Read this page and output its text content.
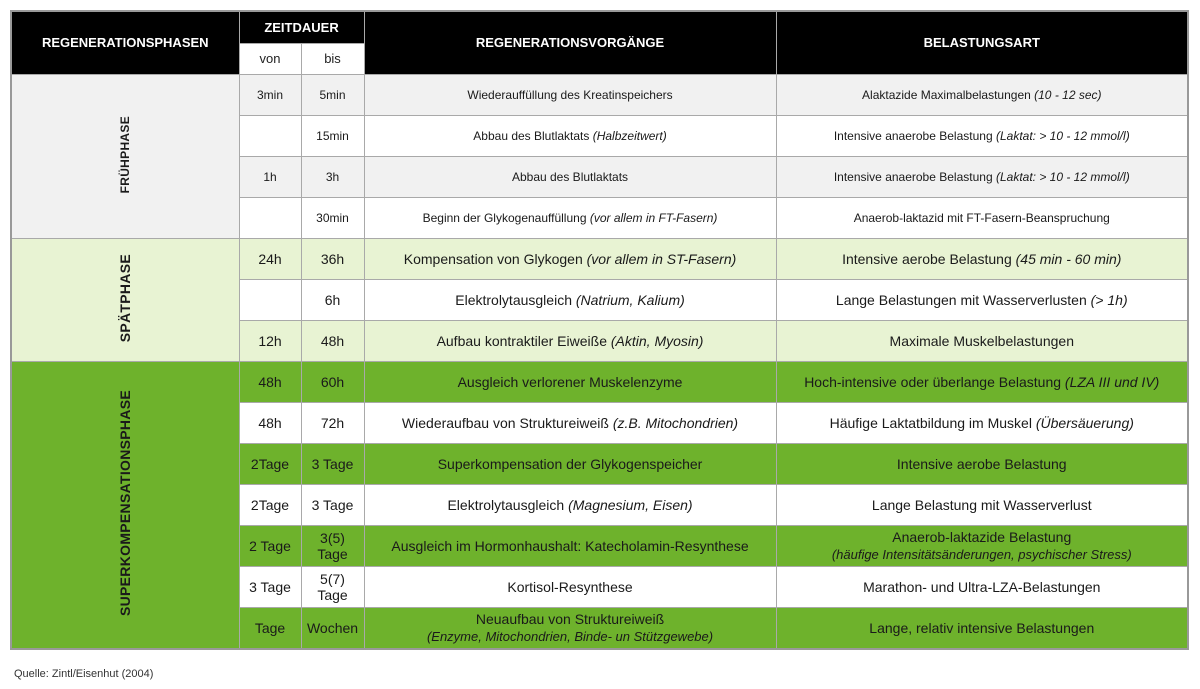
REGENERATIONSPHASEN	ZEITDAUER		REGENERATIONSVORGÄNGE	BELASTUNGSART
	von	bis		
FRÜHPHASE	3min	5min	Wiederauffüllung des Kreatinspeichers	Alaktazide Maximalbelastungen (10 - 12 sec)
		15min	Abbau des Blutlaktats (Halbzeitwert)	Intensive anaerobe Belastung (Laktat: > 10 - 12 mmol/l)
	1h	3h	Abbau des Blutlaktats	Intensive anaerobe Belastung (Laktat: > 10 - 12 mmol/l)
		30min	Beginn der Glykogenauffüllung (vor allem in FT-Fasern)	Anaerob-laktazid mit FT-Fasern-Beanspruchung
SPÄTPHASE	24h	36h	Kompensation von Glykogen (vor allem in ST-Fasern)	Intensive aerobe Belastung (45 min - 60 min)
		6h	Elektrolytausgleich (Natrium, Kalium)	Lange Belastungen mit Wasserverlusten (> 1h)
	12h	48h	Aufbau kontraktiler Eiweiße (Aktin, Myosin)	Maximale Muskelbelastungen
SUPERKOMPENSATIONSPHASE	48h	60h	Ausgleich verlorener Muskelenzyme	Hoch-intensive oder überlange Belastung (LZA III und IV)
	48h	72h	Wiederaufbau von Struktureiweiß (z.B. Mitochondrien)	Häufige Laktatbildung im Muskel (Übersäuerung)
	2Tage	3 Tage	Superkompensation der Glykogenspeicher	Intensive aerobe Belastung
	2Tage	3 Tage	Elektrolytausgleich (Magnesium, Eisen)	Lange Belastung mit Wasserverlust
	2 Tage	3(5) Tage	Ausgleich im Hormonhaushalt: Katecholamin-Resynthese	Anaerob-laktazide Belastung
(häufige Intensitätsänderungen, psychischer Stress)
	3 Tage	5(7) Tage	Kortisol-Resynthese	Marathon- und Ultra-LZA-Belastungen
	Tage	Wochen	Neuaufbau von Struktureiweiß
(Enzyme, Mitochondrien, Binde- un Stützgewebe)	Lange, relativ intensive Belastungen
Quelle: Zintl/Eisenhut (2004)
